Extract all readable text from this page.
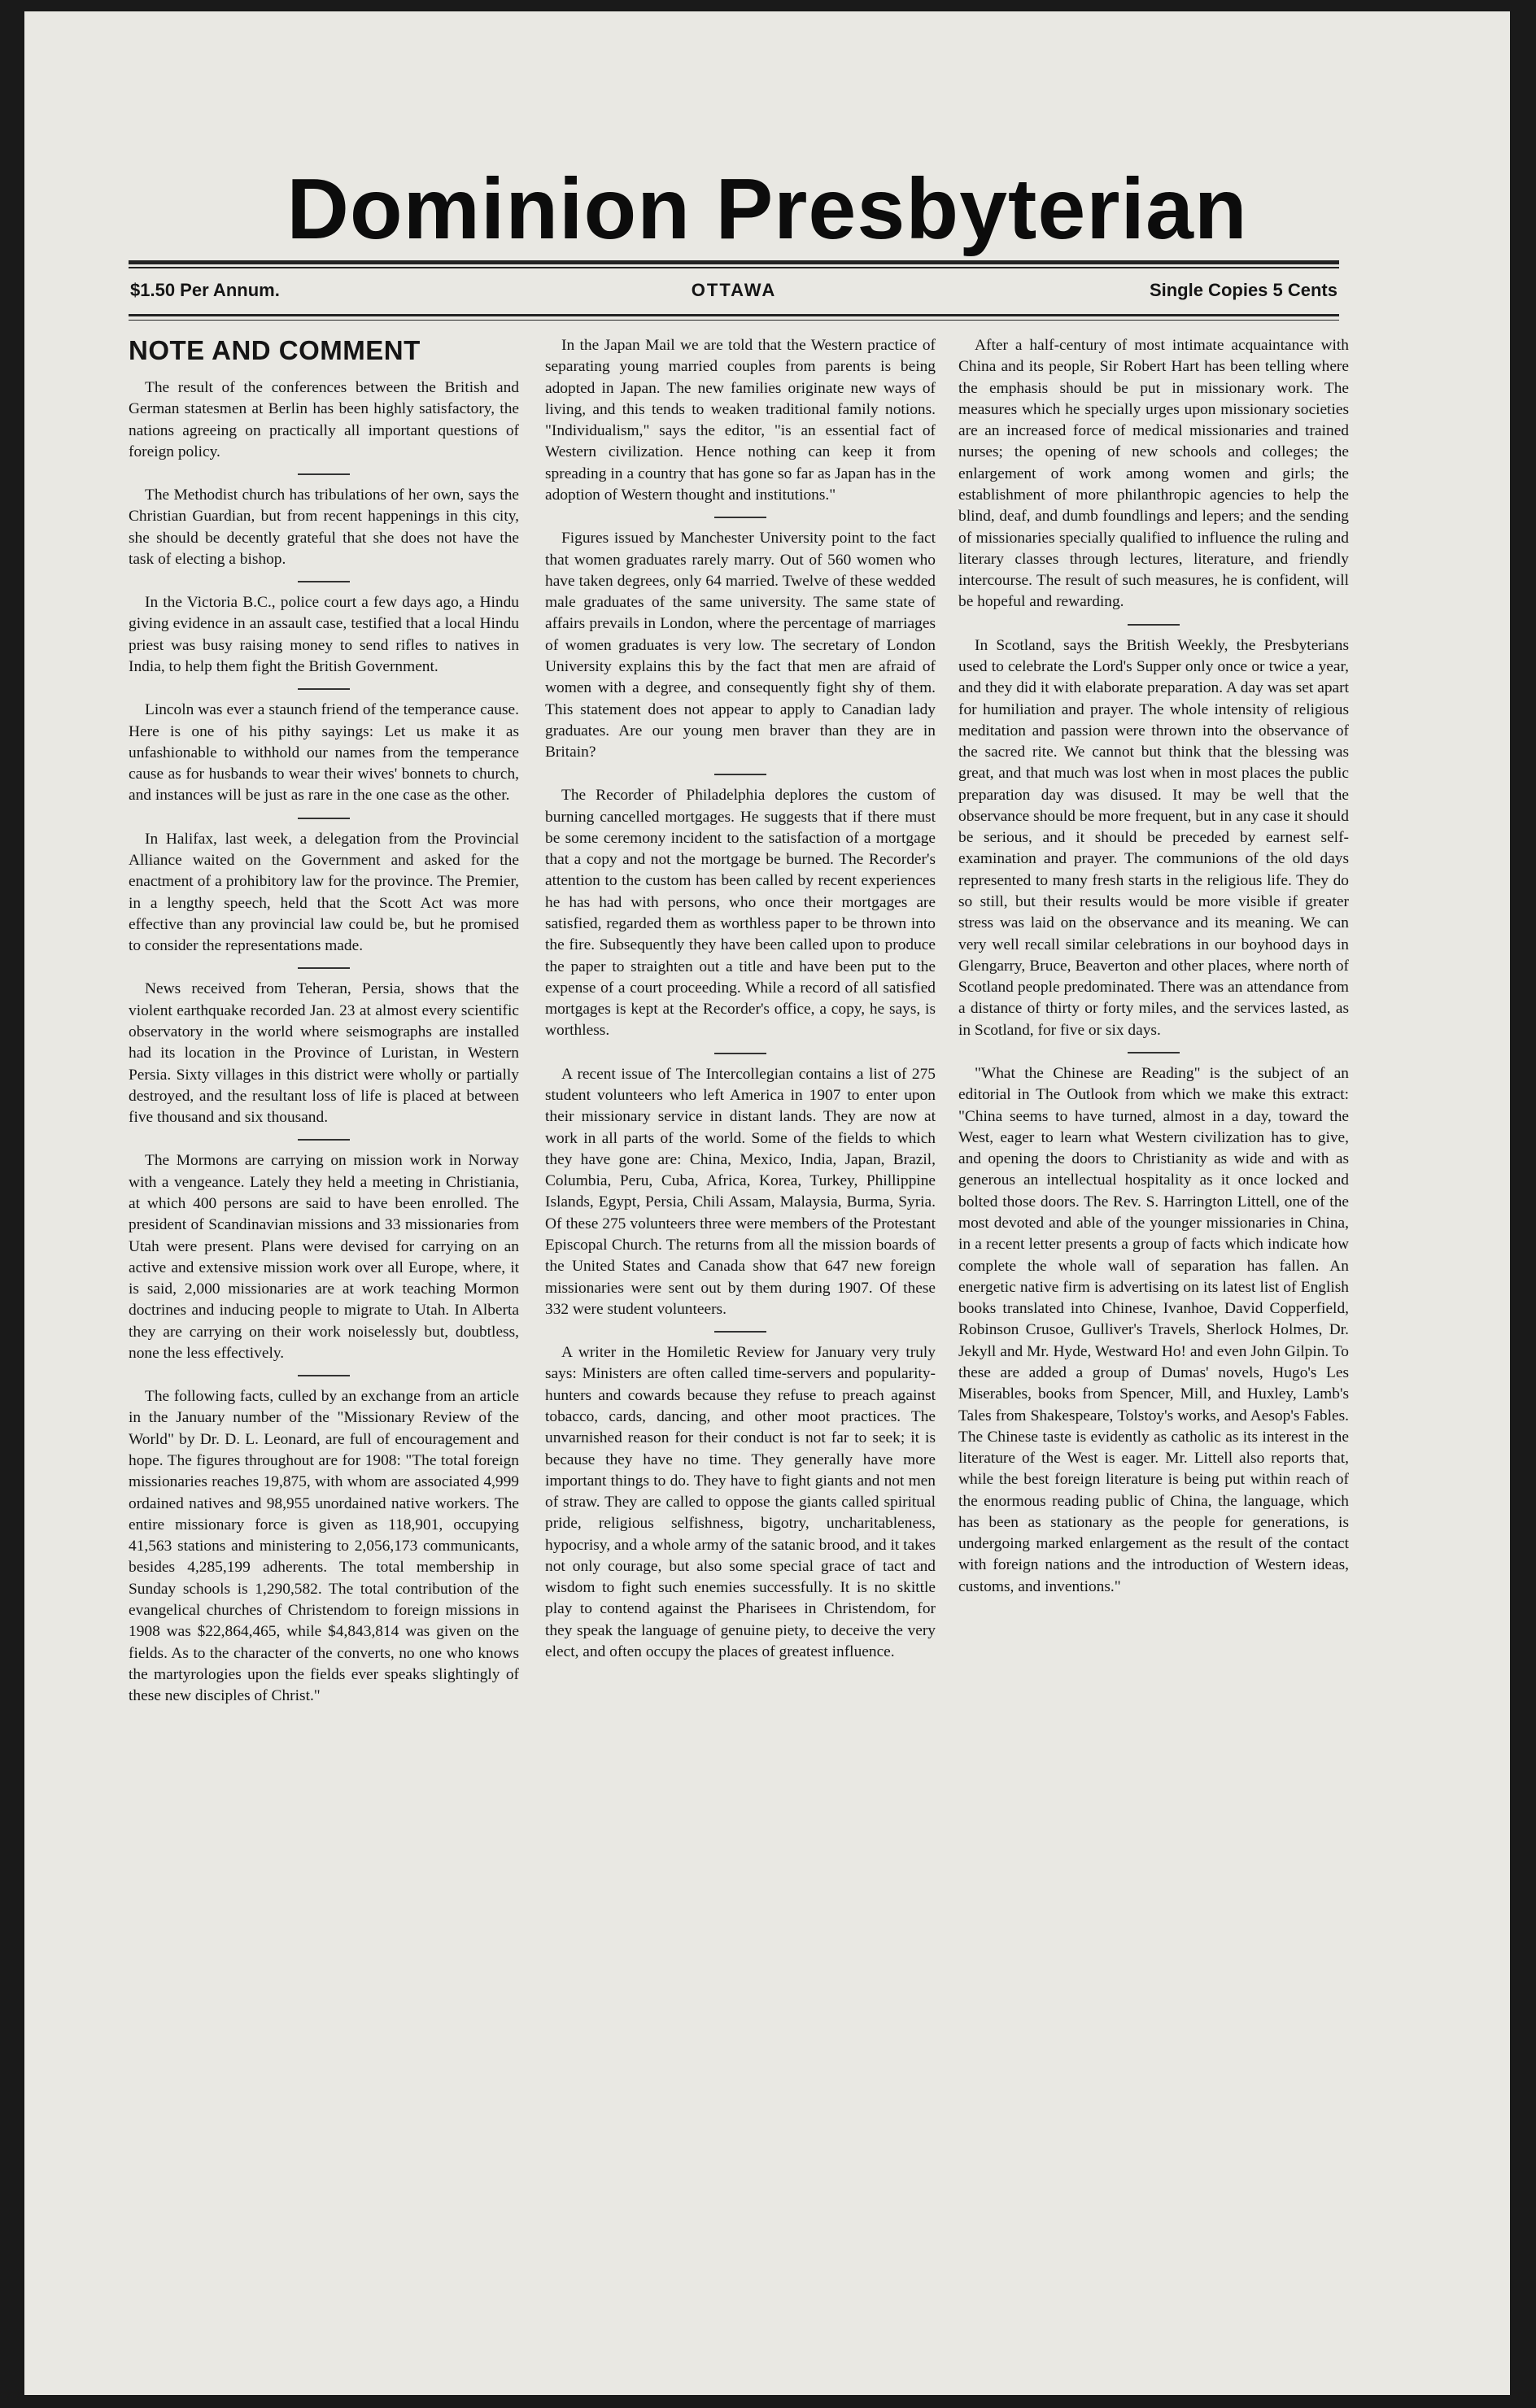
Dominion Presbyterian
$1.50 Per Annum.	OTTAWA	Single Copies 5 Cents
NOTE AND COMMENT

The result of the conferences between the British and German statesmen at Berlin has been highly satisfactory, the nations agreeing on practically all important questions of foreign policy.

The Methodist church has tribulations of her own, says the Christian Guardian, but from recent happenings in this city, she should be decently grateful that she does not have the task of electing a bishop.

In the Victoria B.C., police court a few days ago, a Hindu giving evidence in an assault case, testified that a local Hindu priest was busy raising money to send rifles to natives in India, to help them fight the British Government.

Lincoln was ever a staunch friend of the temperance cause. Here is one of his pithy sayings: Let us make it as unfashionable to withhold our names from the temperance cause as for husbands to wear their wives' bonnets to church, and instances will be just as rare in the one case as the other.

In Halifax, last week, a delegation from the Provincial Alliance waited on the Government and asked for the enactment of a prohibitory law for the province. The Premier, in a lengthy speech, held that the Scott Act was more effective than any provincial law could be, but he promised to consider the representations made.

News received from Teheran, Persia, shows that the violent earthquake recorded Jan. 23 at almost every scientific observatory in the world where seismographs are installed had its location in the Province of Luristan, in Western Persia. Sixty villages in this district were wholly or partially destroyed, and the resultant loss of life is placed at between five thousand and six thousand.

The Mormons are carrying on mission work in Norway with a vengeance. Lately they held a meeting in Christiania, at which 400 persons are said to have been enrolled. The president of Scandinavian missions and 33 missionaries from Utah were present. Plans were devised for carrying on an active and extensive mission work over all Europe, where, it is said, 2,000 missionaries are at work teaching Mormon doctrines and inducing people to migrate to Utah. In Alberta they are carrying on their work noiselessly but, doubtless, none the less effectively.

The following facts, culled by an exchange from an article in the January number of the "Missionary Review of the World" by Dr. D. L. Leonard, are full of encouragement and hope. The figures throughout are for 1908: "The total foreign missionaries reaches 19,875, with whom are associated 4,999 ordained natives and 98,955 unordained native workers. The entire missionary force is given as 118,901, occupying 41,563 stations and ministering to 2,056,173 communicants, besides 4,285,199 adherents. The total membership in Sunday schools is 1,290,582. The total contribution of the evangelical churches of Christendom to foreign missions in 1908 was $22,864,465, while $4,843,814 was given on the fields. As to the character of the converts, no one who knows the martyrologies upon the fields ever speaks slightingly of these new disciples of Christ."

In the Japan Mail we are told that the Western practice of separating young married couples from parents is being adopted in Japan. The new families originate new ways of living, and this tends to weaken traditional family notions. "Individualism," says the editor, "is an essential fact of Western civilization. Hence nothing can keep it from spreading in a country that has gone so far as Japan has in the adoption of Western thought and institutions."

Figures issued by Manchester University point to the fact that women graduates rarely marry. Out of 560 women who have taken degrees, only 64 married. Twelve of these wedded male graduates of the same university. The same state of affairs prevails in London, where the percentage of marriages of women graduates is very low. The secretary of London University explains this by the fact that men are afraid of women with a degree, and consequently fight shy of them. This statement does not appear to apply to Canadian lady graduates. Are our young men braver than they are in Britain?

The Recorder of Philadelphia deplores the custom of burning cancelled mortgages. He suggests that if there must be some ceremony incident to the satisfaction of a mortgage that a copy and not the mortgage be burned. The Recorder's attention to the custom has been called by recent experiences he has had with persons, who once their mortgages are satisfied, regarded them as worthless paper to be thrown into the fire. Subsequently they have been called upon to produce the paper to straighten out a title and have been put to the expense of a court proceeding. While a record of all satisfied mortgages is kept at the Recorder's office, a copy, he says, is worthless.

A recent issue of The Intercollegian contains a list of 275 student volunteers who left America in 1907 to enter upon their missionary service in distant lands. They are now at work in all parts of the world. Some of the fields to which they have gone are: China, Mexico, India, Japan, Brazil, Columbia, Peru, Cuba, Africa, Korea, Turkey, Phillippine Islands, Egypt, Persia, Chili Assam, Malaysia, Burma, Syria. Of these 275 volunteers three were members of the Protestant Episcopal Church. The returns from all the mission boards of the United States and Canada show that 647 new foreign missionaries were sent out by them during 1907. Of these 332 were student volunteers.

A writer in the Homiletic Review for January very truly says: Ministers are often called time-servers and popularity-hunters and cowards because they refuse to preach against tobacco, cards, dancing, and other moot practices. The unvarnished reason for their conduct is not far to seek; it is because they have no time. They generally have more important things to do. They have to fight giants and not men of straw. They are called to oppose the giants called spiritual pride, religious selfishness, bigotry, uncharitableness, hypocrisy, and a whole army of the satanic brood, and it takes not only courage, but also some special grace of tact and wisdom to fight such enemies successfully. It is no skittle play to contend against the Pharisees in Christendom, for they speak the language of genuine piety, to deceive the very elect, and often occupy the places of greatest influence.

After a half-century of most intimate acquaintance with China and its people, Sir Robert Hart has been telling where the emphasis should be put in missionary work. The measures which he specially urges upon missionary societies are an increased force of medical missionaries and trained nurses; the opening of new schools and colleges; the enlargement of work among women and girls; the establishment of more philanthropic agencies to help the blind, deaf, and dumb foundlings and lepers; and the sending of missionaries specially qualified to influence the ruling and literary classes through lectures, literature, and friendly intercourse. The result of such measures, he is confident, will be hopeful and rewarding.

In Scotland, says the British Weekly, the Presbyterians used to celebrate the Lord's Supper only once or twice a year, and they did it with elaborate preparation. A day was set apart for humiliation and prayer. The whole intensity of religious meditation and passion were thrown into the observance of the sacred rite. We cannot but think that the blessing was great, and that much was lost when in most places the public preparation day was disused. It may be well that the observance should be more frequent, but in any case it should be serious, and it should be preceded by earnest self-examination and prayer. The communions of the old days represented to many fresh starts in the religious life. They do so still, but their results would be more visible if greater stress was laid on the observance and its meaning. We can very well recall similar celebrations in our boyhood days in Glengarry, Bruce, Beaverton and other places, where north of Scotland people predominated. There was an attendance from a distance of thirty or forty miles, and the services lasted, as in Scotland, for five or six days.

"What the Chinese are Reading" is the subject of an editorial in The Outlook from which we make this extract: "China seems to have turned, almost in a day, toward the West, eager to learn what Western civilization has to give, and opening the doors to Christianity as wide and with as generous an intellectual hospitality as it once locked and bolted those doors. The Rev. S. Harrington Littell, one of the most devoted and able of the younger missionaries in China, in a recent letter presents a group of facts which indicate how complete the whole wall of separation has fallen. An energetic native firm is advertising on its latest list of English books translated into Chinese, Ivanhoe, David Copperfield, Robinson Crusoe, Gulliver's Travels, Sherlock Holmes, Dr. Jekyll and Mr. Hyde, Westward Ho! and even John Gilpin. To these are added a group of Dumas' novels, Hugo's Les Miserables, books from Spencer, Mill, and Huxley, Lamb's Tales from Shakespeare, Tolstoy's works, and Aesop's Fables. The Chinese taste is evidently as catholic as its interest in the literature of the West is eager. Mr. Littell also reports that, while the best foreign literature is being put within reach of the enormous reading public of China, the language, which has been as stationary as the people for generations, is undergoing marked enlargement as the result of the contact with foreign nations and the introduction of Western ideas, customs, and inventions."
